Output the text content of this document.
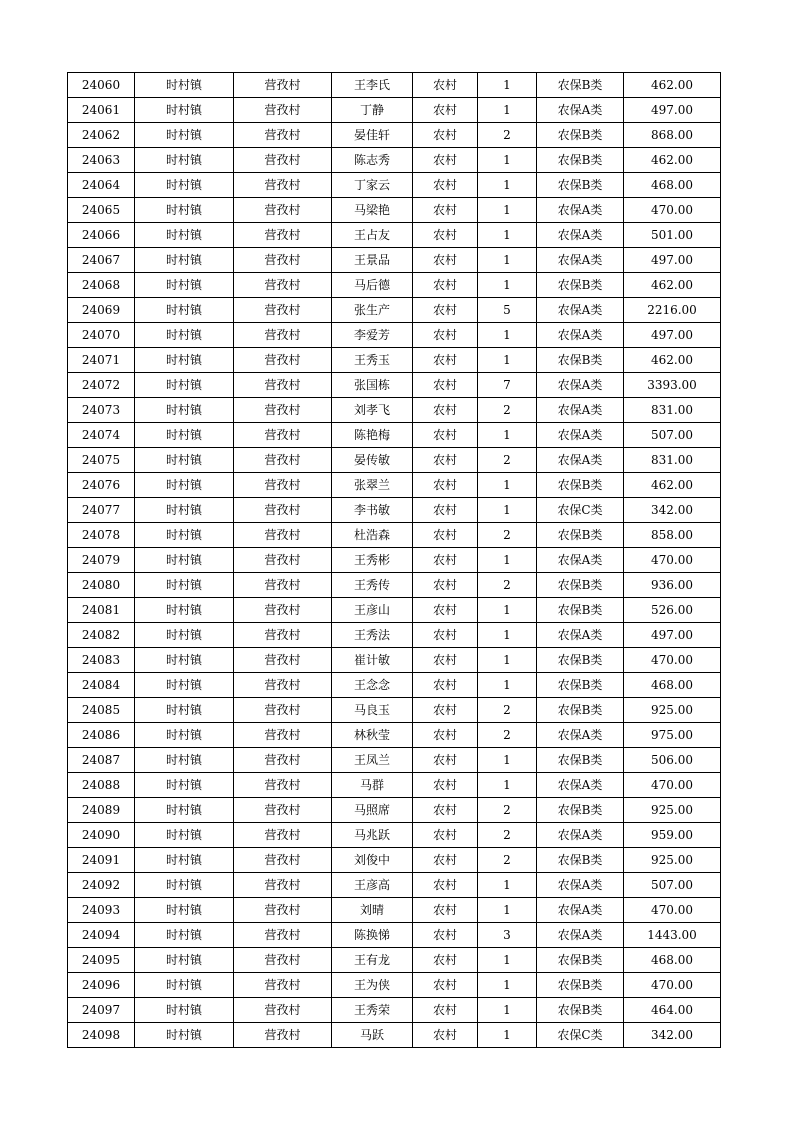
24060	时村镇	营孜村	王李氏	农村	1	农保B类	462.00
24061	时村镇	营孜村	丁静	农村	1	农保A类	497.00
24062	时村镇	营孜村	晏佳轩	农村	2	农保B类	868.00
24063	时村镇	营孜村	陈志秀	农村	1	农保B类	462.00
24064	时村镇	营孜村	丁家云	农村	1	农保B类	468.00
24065	时村镇	营孜村	马梁艳	农村	1	农保A类	470.00
24066	时村镇	营孜村	王占友	农村	1	农保A类	501.00
24067	时村镇	营孜村	王景品	农村	1	农保A类	497.00
24068	时村镇	营孜村	马后德	农村	1	农保B类	462.00
24069	时村镇	营孜村	张生产	农村	5	农保A类	2216.00
24070	时村镇	营孜村	李爱芳	农村	1	农保A类	497.00
24071	时村镇	营孜村	王秀玉	农村	1	农保B类	462.00
24072	时村镇	营孜村	张国栋	农村	7	农保A类	3393.00
24073	时村镇	营孜村	刘孝飞	农村	2	农保A类	831.00
24074	时村镇	营孜村	陈艳梅	农村	1	农保A类	507.00
24075	时村镇	营孜村	晏传敏	农村	2	农保A类	831.00
24076	时村镇	营孜村	张翠兰	农村	1	农保B类	462.00
24077	时村镇	营孜村	李书敏	农村	1	农保C类	342.00
24078	时村镇	营孜村	杜浩森	农村	2	农保B类	858.00
24079	时村镇	营孜村	王秀彬	农村	1	农保A类	470.00
24080	时村镇	营孜村	王秀传	农村	2	农保B类	936.00
24081	时村镇	营孜村	王彦山	农村	1	农保B类	526.00
24082	时村镇	营孜村	王秀法	农村	1	农保A类	497.00
24083	时村镇	营孜村	崔计敏	农村	1	农保B类	470.00
24084	时村镇	营孜村	王念念	农村	1	农保B类	468.00
24085	时村镇	营孜村	马良玉	农村	2	农保B类	925.00
24086	时村镇	营孜村	林秋莹	农村	2	农保A类	975.00
24087	时村镇	营孜村	王凤兰	农村	1	农保B类	506.00
24088	时村镇	营孜村	马群	农村	1	农保A类	470.00
24089	时村镇	营孜村	马照席	农村	2	农保B类	925.00
24090	时村镇	营孜村	马兆跃	农村	2	农保A类	959.00
24091	时村镇	营孜村	刘俊中	农村	2	农保B类	925.00
24092	时村镇	营孜村	王彦高	农村	1	农保A类	507.00
24093	时村镇	营孜村	刘晴	农村	1	农保A类	470.00
24094	时村镇	营孜村	陈换悌	农村	3	农保A类	1443.00
24095	时村镇	营孜村	王有龙	农村	1	农保B类	468.00
24096	时村镇	营孜村	王为侠	农村	1	农保B类	470.00
24097	时村镇	营孜村	王秀荣	农村	1	农保B类	464.00
24098	时村镇	营孜村	马跃	农村	1	农保C类	342.00
